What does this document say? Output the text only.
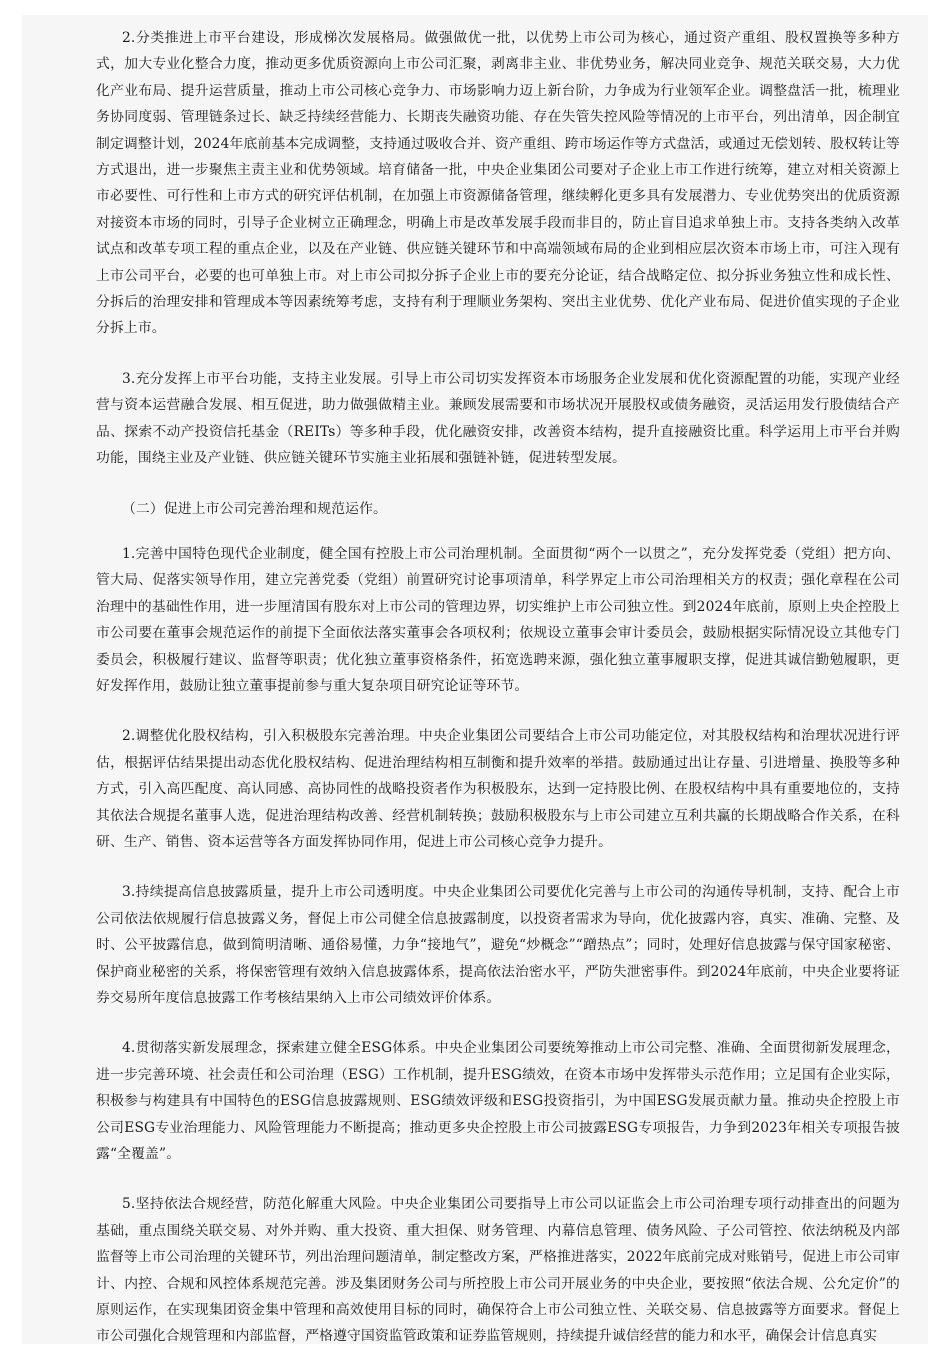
2.分类推进上市平台建设，形成梯次发展格局。做强做优一批，以优势上市公司为核心，通过资产重组、股权置换等多种方式，加大专业化整合力度，推动更多优质资源向上市公司汇聚，剥离非主业、非优势业务，解决同业竞争、规范关联交易，大力优化产业布局、提升运营质量，推动上市公司核心竞争力、市场影响力迈上新台阶，力争成为行业领军企业。调整盘活一批，梳理业务协同度弱、管理链条过长、缺乏持续经营能力、长期丧失融资功能、存在失管失控风险等情况的上市平台，列出清单，因企制宜制定调整计划，2024年底前基本完成调整，支持通过吸收合并、资产重组、跨市场运作等方式盘活，或通过无偿划转、股权转让等方式退出，进一步聚焦主责主业和优势领域。培育储备一批，中央企业集团公司要对子企业上市工作进行统筹，建立对相关资源上市必要性、可行性和上市方式的研究评估机制，在加强上市资源储备管理，继续孵化更多具有发展潜力、专业优势突出的优质资源对接资本市场的同时，引导子企业树立正确理念，明确上市是改革发展手段而非目的，防止盲目追求单独上市。支持各类纳入改革试点和改革专项工程的重点企业，以及在产业链、供应链关键环节和中高端领域布局的企业到相应层次资本市场上市，可注入现有上市公司平台，必要的也可单独上市。对上市公司拟分拆子企业上市的要充分论证，结合战略定位、拟分拆业务独立性和成长性、分拆后的治理安排和管理成本等因素统筹考虑，支持有利于理顺业务架构、突出主业优势、优化产业布局、促进价值实现的子企业分拆上市。

3.充分发挥上市平台功能，支持主业发展。引导上市公司切实发挥资本市场服务企业发展和优化资源配置的功能，实现产业经营与资本运营融合发展、相互促进，助力做强做精主业。兼顾发展需要和市场状况开展股权或债务融资，灵活运用发行股债结合产品、探索不动产投资信托基金（REITs）等多种手段，优化融资安排，改善资本结构，提升直接融资比重。科学运用上市平台并购功能，围绕主业及产业链、供应链关键环节实施主业拓展和强链补链，促进转型发展。

（二）促进上市公司完善治理和规范运作。

1.完善中国特色现代企业制度，健全国有控股上市公司治理机制。全面贯彻“两个一以贯之”，充分发挥党委（党组）把方向、管大局、促落实领导作用，建立完善党委（党组）前置研究讨论事项清单，科学界定上市公司治理相关方的权责；强化章程在公司治理中的基础性作用，进一步厘清国有股东对上市公司的管理边界，切实维护上市公司独立性。到2024年底前，原则上央企控股上市公司要在董事会规范运作的前提下全面依法落实董事会各项权利；依规设立董事会审计委员会，鼓励根据实际情况设立其他专门委员会，积极履行建议、监督等职责；优化独立董事资格条件，拓宽选聘来源，强化独立董事履职支撑，促进其诚信勤勉履职，更好发挥作用，鼓励让独立董事提前参与重大复杂项目研究论证等环节。

2.调整优化股权结构，引入积极股东完善治理。中央企业集团公司要结合上市公司功能定位，对其股权结构和治理状况进行评估，根据评估结果提出动态优化股权结构、促进治理结构相互制衡和提升效率的举措。鼓励通过出让存量、引进增量、换股等多种方式，引入高匹配度、高认同感、高协同性的战略投资者作为积极股东，达到一定持股比例、在股权结构中具有重要地位的，支持其依法合规提名董事人选，促进治理结构改善、经营机制转换；鼓励积极股东与上市公司建立互利共赢的长期战略合作关系，在科研、生产、销售、资本运营等各方面发挥协同作用，促进上市公司核心竞争力提升。

3.持续提高信息披露质量，提升上市公司透明度。中央企业集团公司要优化完善与上市公司的沟通传导机制，支持、配合上市公司依法依规履行信息披露义务，督促上市公司健全信息披露制度，以投资者需求为导向，优化披露内容，真实、准确、完整、及时、公平披露信息，做到简明清晰、通俗易懂，力争“接地气”，避免“炒概念”“蹭热点”；同时，处理好信息披露与保守国家秘密、保护商业秘密的关系，将保密管理有效纳入信息披露体系，提高依法治密水平，严防失泄密事件。到2024年底前，中央企业要将证券交易所年度信息披露工作考核结果纳入上市公司绩效评价体系。

4.贯彻落实新发展理念，探索建立健全ESG体系。中央企业集团公司要统筹推动上市公司完整、准确、全面贯彻新发展理念，进一步完善环境、社会责任和公司治理（ESG）工作机制，提升ESG绩效，在资本市场中发挥带头示范作用；立足国有企业实际，积极参与构建具有中国特色的ESG信息披露规则、ESG绩效评级和ESG投资指引，为中国ESG发展贡献力量。推动央企控股上市公司ESG专业治理能力、风险管理能力不断提高；推动更多央企控股上市公司披露ESG专项报告，力争到2023年相关专项报告披露“全覆盖”。

5.坚持依法合规经营，防范化解重大风险。中央企业集团公司要指导上市公司以证监会上市公司治理专项行动排查出的问题为基础，重点围绕关联交易、对外并购、重大投资、重大担保、财务管理、内幕信息管理、债务风险、子公司管控、依法纳税及内部监督等上市公司治理的关键环节，列出治理问题清单，制定整改方案，严格推进落实，2022年底前完成对账销号，促进上市公司审计、内控、合规和风控体系规范完善。涉及集团财务公司与所控股上市公司开展业务的中央企业，要按照“依法合规、公允定价”的原则运作，在实现集团资金集中管理和高效使用目标的同时，确保符合上市公司独立性、关联交易、信息披露等方面要求。督促上市公司强化合规管理和内部监督，严格遵守国资监管政策和证券监管规则，持续提升诚信经营的能力和水平，确保会计信息真实
